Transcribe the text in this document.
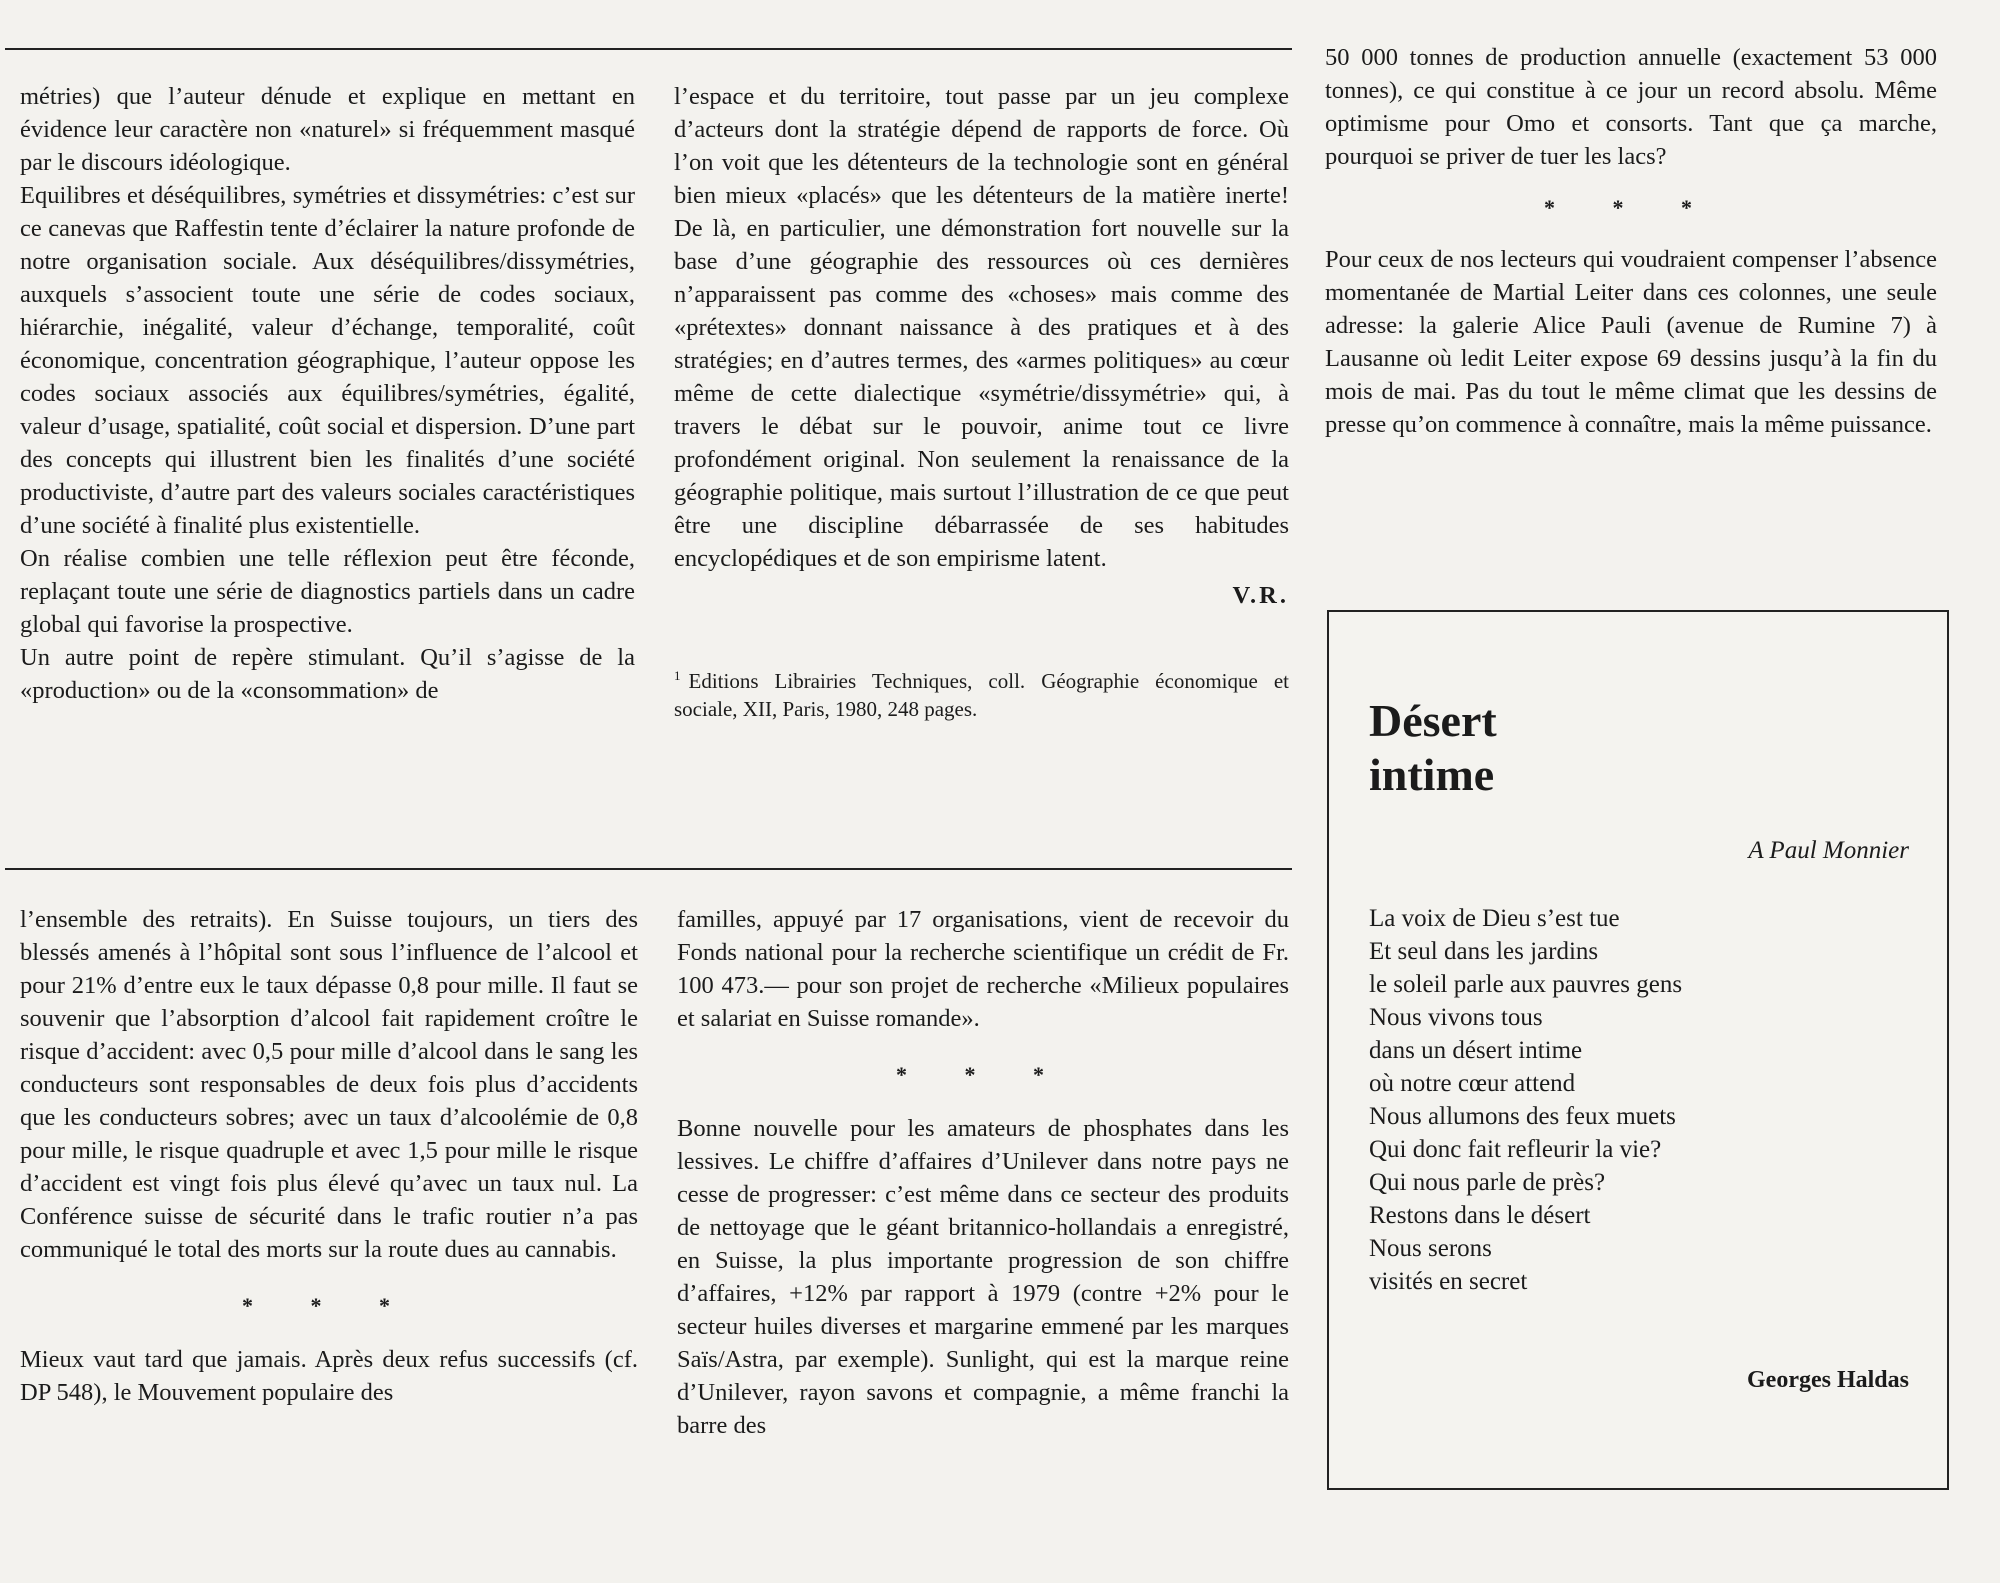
métries) que l’auteur dénude et explique en mettant en évidence leur caractère non «naturel» si fréquemment masqué par le discours idéologique.

Equilibres et déséquilibres, symétries et dissymétries: c’est sur ce canevas que Raffestin tente d’éclairer la nature profonde de notre organisation sociale. Aux déséquilibres/dissymétries, auxquels s’associent toute une série de codes sociaux, hiérarchie, inégalité, valeur d’échange, temporalité, coût économique, concentration géographique, l’auteur oppose les codes sociaux associés aux équilibres/symétries, égalité, valeur d’usage, spatialité, coût social et dispersion. D’une part des concepts qui illustrent bien les finalités d’une société productiviste, d’autre part des valeurs sociales caractéristiques d’une société à finalité plus existentielle.

On réalise combien une telle réflexion peut être féconde, replaçant toute une série de diagnostics partiels dans un cadre global qui favorise la prospective.

Un autre point de repère stimulant. Qu’il s’agisse de la «production» ou de la «consommation» de

l’espace et du territoire, tout passe par un jeu complexe d’acteurs dont la stratégie dépend de rapports de force. Où l’on voit que les détenteurs de la technologie sont en général bien mieux «placés» que les détenteurs de la matière inerte! De là, en particulier, une démonstration fort nouvelle sur la base d’une géographie des ressources où ces dernières n’apparaissent pas comme des «choses» mais comme des «prétextes» donnant naissance à des pratiques et à des stratégies; en d’autres termes, des «armes politiques» au cœur même de cette dialectique «symétrie/dissymétrie» qui, à travers le débat sur le pouvoir, anime tout ce livre profondément original. Non seulement la renaissance de la géographie politique, mais surtout l’illustration de ce que peut être une discipline débarrassée de ses habitudes encyclopédiques et de son empirisme latent.

V.R.

$^1$ Editions Librairies Techniques, coll. Géographie économique et sociale, XII, Paris, 1980, 248 pages.

50 000 tonnes de production annuelle (exactement 53 000 tonnes), ce qui constitue à ce jour un record absolu. Même optimisme pour Omo et consorts. Tant que ça marche, pourquoi se priver de tuer les lacs?

* * *

Pour ceux de nos lecteurs qui voudraient compenser l’absence momentanée de Martial Leiter dans ces colonnes, une seule adresse: la galerie Alice Pauli (avenue de Rumine 7) à Lausanne où ledit Leiter expose 69 dessins jusqu’à la fin du mois de mai. Pas du tout le même climat que les dessins de presse qu’on commence à connaître, mais la même puissance.

l’ensemble des retraits). En Suisse toujours, un tiers des blessés amenés à l’hôpital sont sous l’influence de l’alcool et pour 21% d’entre eux le taux dépasse 0,8 pour mille. Il faut se souvenir que l’absorption d’alcool fait rapidement croître le risque d’accident: avec 0,5 pour mille d’alcool dans le sang les conducteurs sont responsables de deux fois plus d’accidents que les conducteurs sobres; avec un taux d’alcoolémie de 0,8 pour mille, le risque quadruple et avec 1,5 pour mille le risque d’accident est vingt fois plus élevé qu’avec un taux nul. La Conférence suisse de sécurité dans le trafic routier n’a pas communiqué le total des morts sur la route dues au cannabis.

* * *

Mieux vaut tard que jamais. Après deux refus successifs (cf. DP 548), le Mouvement populaire des

familles, appuyé par 17 organisations, vient de recevoir du Fonds national pour la recherche scientifique un crédit de Fr. 100 473.— pour son projet de recherche «Milieux populaires et salariat en Suisse romande».

* * *

Bonne nouvelle pour les amateurs de phosphates dans les lessives. Le chiffre d’affaires d’Unilever dans notre pays ne cesse de progresser: c’est même dans ce secteur des produits de nettoyage que le géant britannico-hollandais a enregistré, en Suisse, la plus importante progression de son chiffre d’affaires, +12% par rapport à 1979 (contre +2% pour le secteur huiles diverses et margarine emmené par les marques Saïs/Astra, par exemple). Sunlight, qui est la marque reine d’Unilever, rayon savons et compagnie, a même franchi la barre des

Désert
intime
A Paul Monnier
La voix de Dieu s’est tue
Et seul dans les jardins
le soleil parle aux pauvres gens
Nous vivons tous
dans un désert intime
où notre cœur attend
Nous allumons des feux muets
Qui donc fait refleurir la vie?
Qui nous parle de près?
Restons dans le désert
Nous serons
visités en secret
Georges Haldas
